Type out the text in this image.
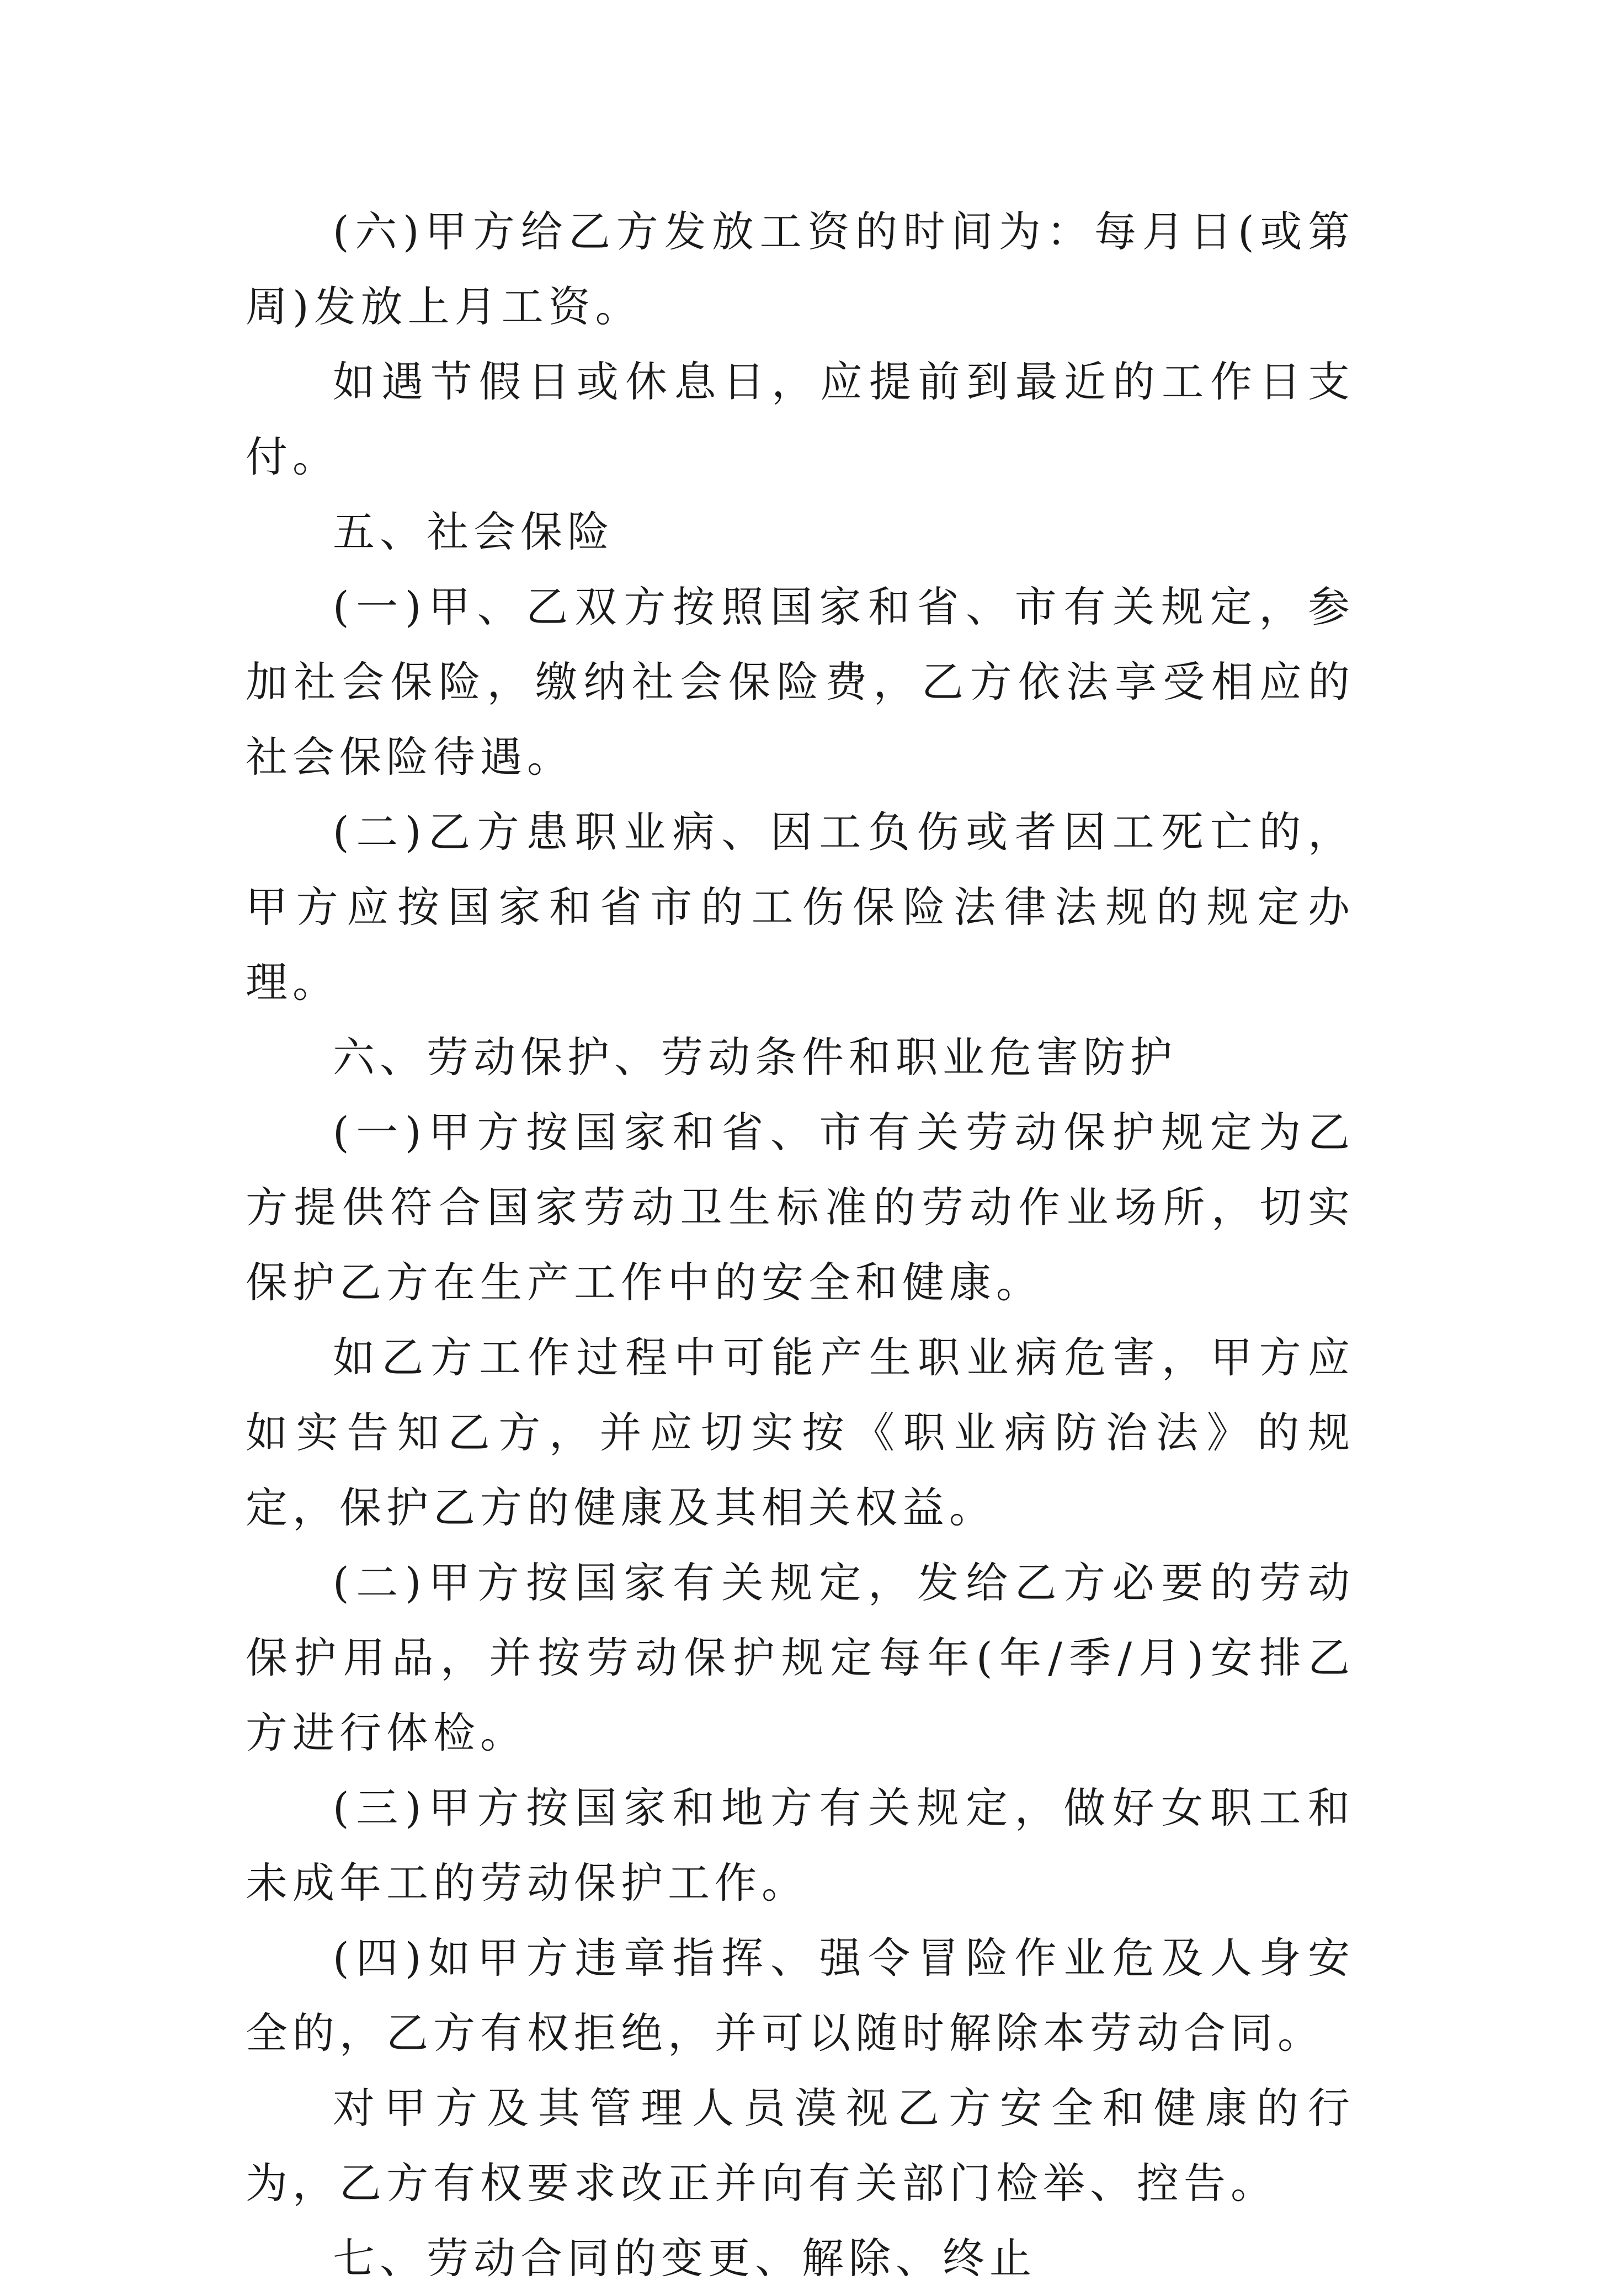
(六)甲方给乙方发放工资的时间为：每月日(或第周)发放上月工资。

如遇节假日或休息日，应提前到最近的工作日支付。

五、社会保险

(一)甲、乙双方按照国家和省、市有关规定，参加社会保险，缴纳社会保险费，乙方依法享受相应的社会保险待遇。

(二)乙方患职业病、因工负伤或者因工死亡的，甲方应按国家和省市的工伤保险法律法规的规定办理。

六、劳动保护、劳动条件和职业危害防护

(一)甲方按国家和省、市有关劳动保护规定为乙方提供符合国家劳动卫生标准的劳动作业场所，切实保护乙方在生产工作中的安全和健康。

如乙方工作过程中可能产生职业病危害，甲方应如实告知乙方，并应切实按《职业病防治法》的规定，保护乙方的健康及其相关权益。

(二)甲方按国家有关规定，发给乙方必要的劳动保护用品，并按劳动保护规定每年(年/季/月)安排乙方进行体检。

(三)甲方按国家和地方有关规定，做好女职工和未成年工的劳动保护工作。

(四)如甲方违章指挥、强令冒险作业危及人身安全的，乙方有权拒绝，并可以随时解除本劳动合同。

对甲方及其管理人员漠视乙方安全和健康的行为，乙方有权要求改正并向有关部门检举、控告。

七、劳动合同的变更、解除、终止
